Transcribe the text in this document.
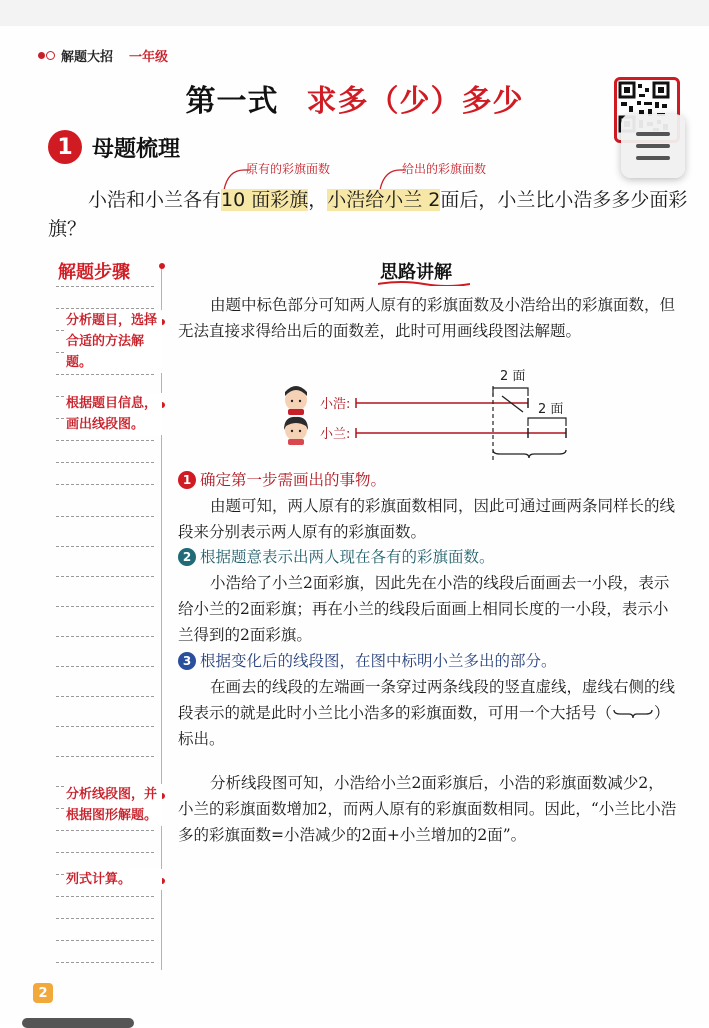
解题大招 一年级
第一式 求多（少）多少
1 母题梳理
原有的彩旗面数	给出的彩旗面数

小浩和小兰各有10 面彩旗，小浩给小兰 2面后，小兰比小浩多多少面彩旗？

解题步骤
分析题目，选择合适的方法解题。
根据题目信息，画出线段图。
分析线段图，并根据图形解题。
列式计算。
思路讲解
由题中标色部分可知两人原有的彩旗面数及小浩给出的彩旗面数，但无法直接求得给出后的面数差，此时可用画线段图法解题。
小浩:
小兰:
2 面
2 面
1 确定第一步需画出的事物。
由题可知，两人原有的彩旗面数相同，因此可通过画两条同样长的线段来分别表示两人原有的彩旗面数。
2 根据题意表示出两人现在各有的彩旗面数。
小浩给了小兰2面彩旗，因此先在小浩的线段后面画去一小段，表示给小兰的2面彩旗；再在小兰的线段后面画上相同长度的一小段，表示小兰得到的2面彩旗。
3 根据变化后的线段图，在图中标明小兰多出的部分。
在画去的线段的左端画一条穿过两条线段的竖直虚线，虚线右侧的线段表示的就是此时小兰比小浩多的彩旗面数，可用一个大括号（	）标出。
分析线段图可知，小浩给小兰2面彩旗后，小浩的彩旗面数减少2，小兰的彩旗面数增加2，而两人原有的彩旗面数相同。因此，“小兰比小浩多的彩旗面数=小浩减少的2面+小兰增加的2面”。
2
